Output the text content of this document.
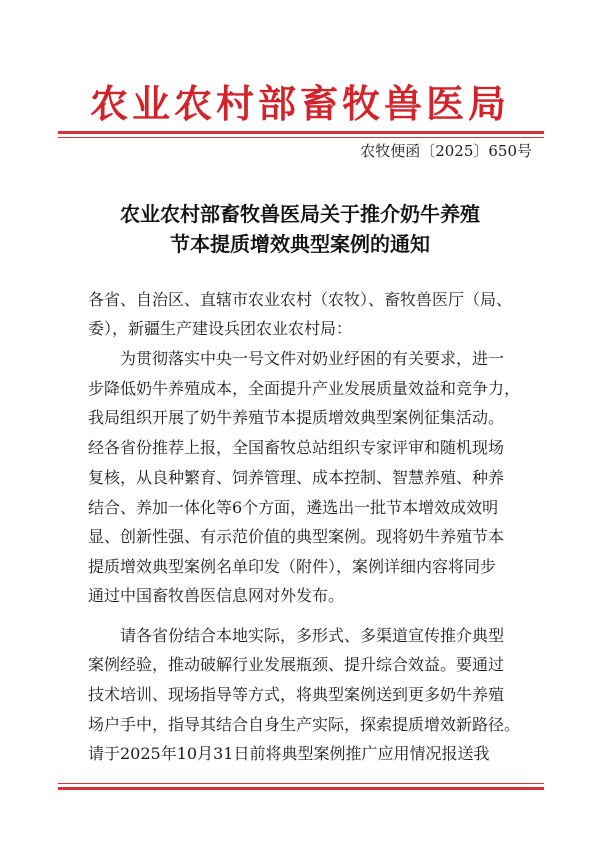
农业农村部畜牧兽医局
农牧便函〔2025〕650号
农业农村部畜牧兽医局关于推介奶牛养殖
节本提质增效典型案例的通知
各省、自治区、直辖市农业农村（农牧）、畜牧兽医厅（局、
委），新疆生产建设兵团农业农村局：
为贯彻落实中央一号文件对奶业纾困的有关要求，进一
步降低奶牛养殖成本，全面提升产业发展质量效益和竞争力，
我局组织开展了奶牛养殖节本提质增效典型案例征集活动。
经各省份推荐上报，全国畜牧总站组织专家评审和随机现场
复核，从良种繁育、饲养管理、成本控制、智慧养殖、种养
结合、养加一体化等6个方面，遴选出一批节本增效成效明
显、创新性强、有示范价值的典型案例。现将奶牛养殖节本
提质增效典型案例名单印发（附件），案例详细内容将同步
通过中国畜牧兽医信息网对外发布。
请各省份结合本地实际，多形式、多渠道宣传推介典型
案例经验，推动破解行业发展瓶颈、提升综合效益。要通过
技术培训、现场指导等方式，将典型案例送到更多奶牛养殖
场户手中，指导其结合自身生产实际，探索提质增效新路径。
请于2025年10月31日前将典型案例推广应用情况报送我
